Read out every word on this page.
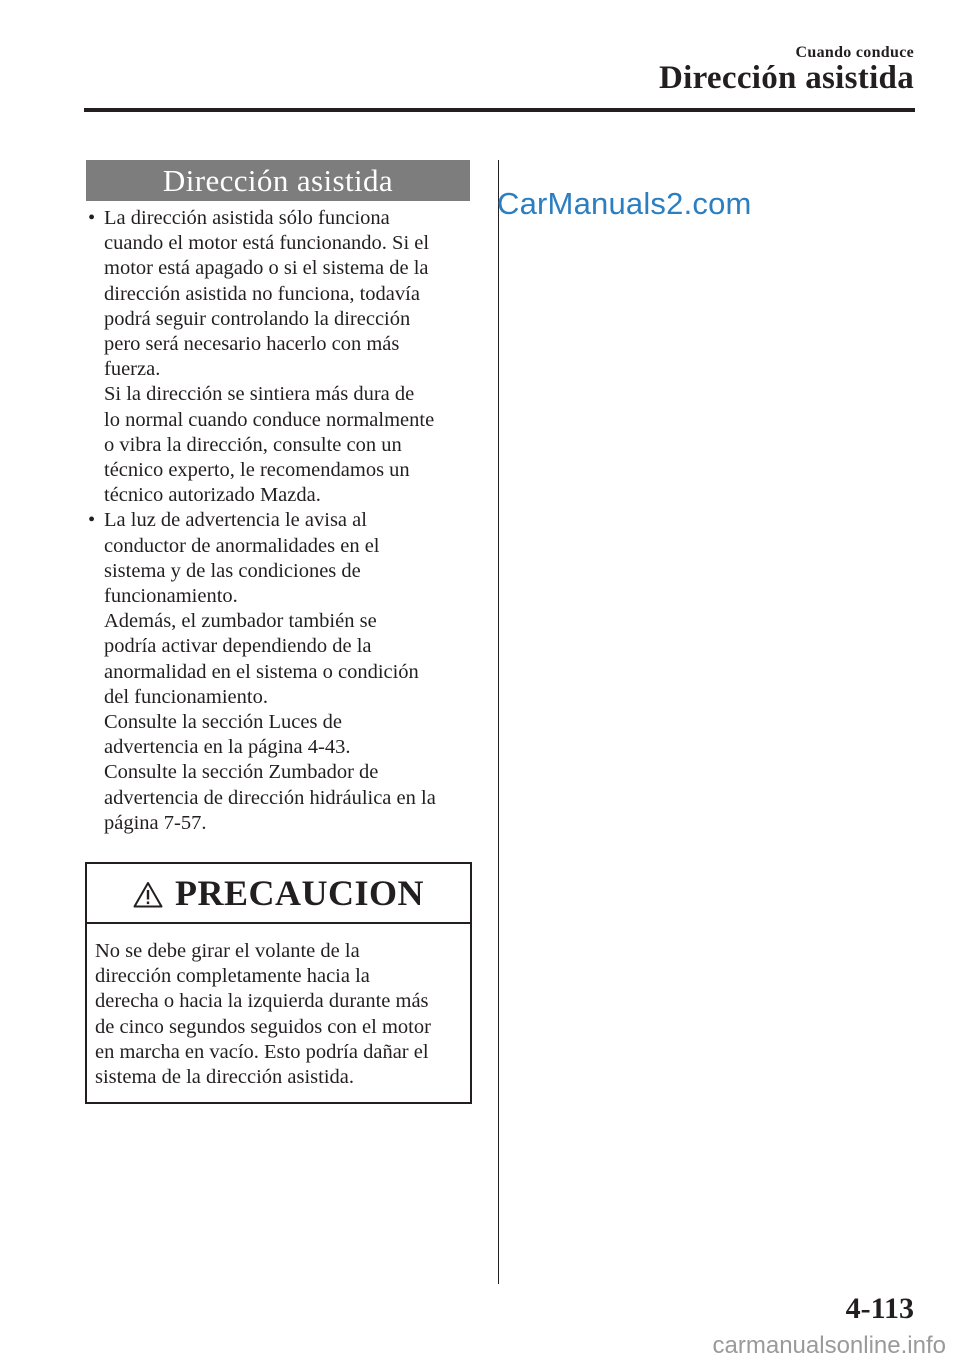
Cuando conduce
Dirección asistida
Dirección asistida
CarManuals2.com
• La dirección asistida sólo funciona
cuando el motor está funcionando. Si el
motor está apagado o si el sistema de la
dirección asistida no funciona, todavía
podrá seguir controlando la dirección
pero será necesario hacerlo con más
fuerza.
Si la dirección se sintiera más dura de
lo normal cuando conduce normalmente
o vibra la dirección, consulte con un
técnico experto, le recomendamos un
técnico autorizado Mazda.
• La luz de advertencia le avisa al
conductor de anormalidades en el
sistema y de las condiciones de
funcionamiento.
Además, el zumbador también se
podría activar dependiendo de la
anormalidad en el sistema o condición
del funcionamiento.
Consulte la sección Luces de
advertencia en la página 4-43.
Consulte la sección Zumbador de
advertencia de dirección hidráulica en la
página 7-57.
PRECAUCION
No se debe girar el volante de la
dirección completamente hacia la
derecha o hacia la izquierda durante más
de cinco segundos seguidos con el motor
en marcha en vacío. Esto podría dañar el
sistema de la dirección asistida.
4-113
carmanualsonline.info
